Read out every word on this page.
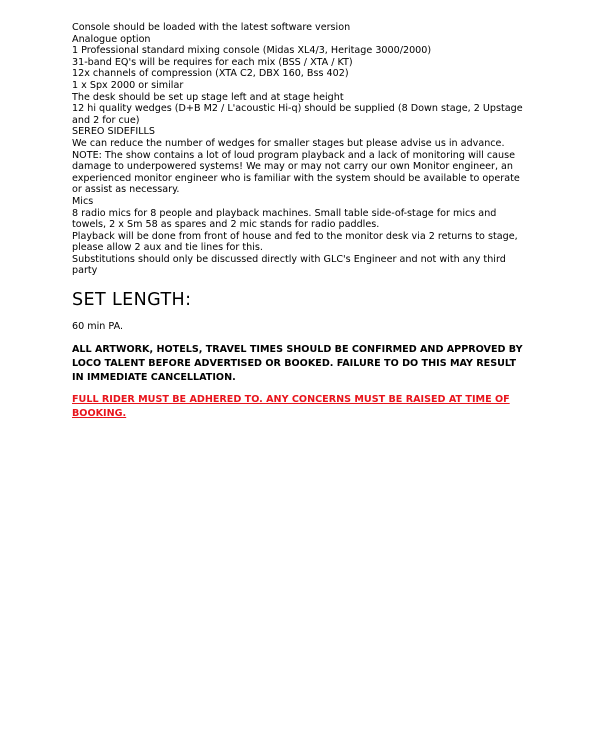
Console should be loaded with the latest software version
Analogue option
1 Professional standard mixing console (Midas XL4/3, Heritage 3000/2000)
31-band EQ's will be requires for each mix (BSS / XTA / KT)
12x channels of compression (XTA C2, DBX 160, Bss 402)
1 x Spx 2000 or similar
The desk should be set up stage left and at stage height
12 hi quality wedges (D+B M2 / L'acoustic Hi-q) should be supplied (8 Down stage, 2 Upstage and 2 for cue)
SEREO SIDEFILLS
We can reduce the number of wedges for smaller stages but please advise us in advance.
NOTE: The show contains a lot of loud program playback and a lack of monitoring will cause damage to underpowered systems! We may or may not carry our own Monitor engineer, an experienced monitor engineer who is familiar with the system should be available to operate or assist as necessary.
Mics
8 radio mics for 8 people and playback machines. Small table side-of-stage for mics and towels, 2 x Sm 58 as spares and 2 mic stands for radio paddles.
Playback will be done from front of house and fed to the monitor desk via 2 returns to stage, please allow 2 aux and tie lines for this.
Substitutions should only be discussed directly with GLC's Engineer and not with any third party
SET LENGTH:
60 min PA.
ALL ARTWORK, HOTELS, TRAVEL TIMES SHOULD BE CONFIRMED AND APPROVED BY LOCO TALENT BEFORE ADVERTISED OR BOOKED. FAILURE TO DO THIS MAY RESULT IN IMMEDIATE CANCELLATION.
FULL RIDER MUST BE ADHERED TO. ANY CONCERNS MUST BE RAISED AT TIME OF BOOKING.
